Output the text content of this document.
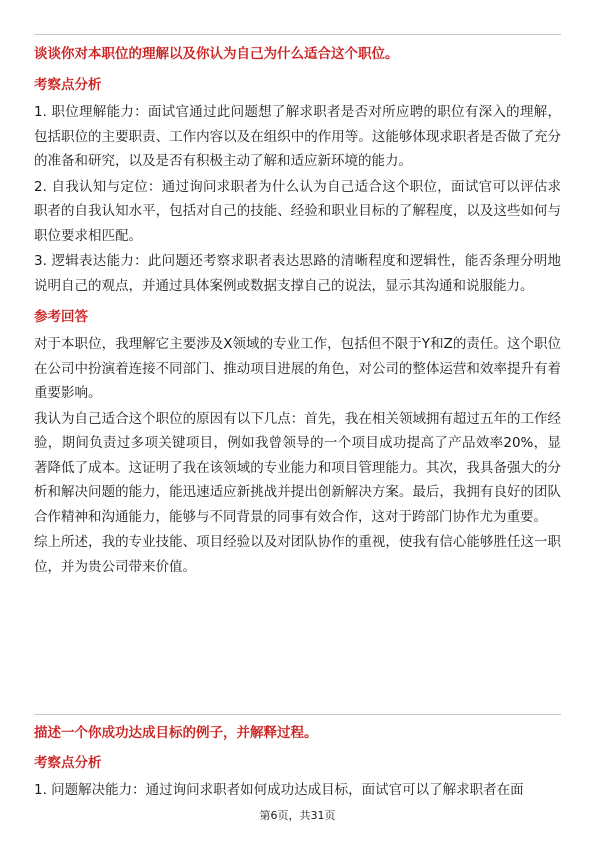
谈谈你对本职位的理解以及你认为自己为什么适合这个职位。
考察点分析

1. 职位理解能力：面试官通过此问题想了解求职者是否对所应聘的职位有深入的理解，包括职位的主要职责、工作内容以及在组织中的作用等。这能够体现求职者是否做了充分的准备和研究，以及是否有积极主动了解和适应新环境的能力。

2. 自我认知与定位：通过询问求职者为什么认为自己适合这个职位，面试官可以评估求职者的自我认知水平，包括对自己的技能、经验和职业目标的了解程度，以及这些如何与职位要求相匹配。

3. 逻辑表达能力：此问题还考察求职者表达思路的清晰程度和逻辑性，能否条理分明地说明自己的观点，并通过具体案例或数据支撑自己的说法，显示其沟通和说服能力。

参考回答

对于本职位，我理解它主要涉及X领域的专业工作，包括但不限于Y和Z的责任。这个职位在公司中扮演着连接不同部门、推动项目进展的角色，对公司的整体运营和效率提升有着重要影响。

我认为自己适合这个职位的原因有以下几点：首先，我在相关领域拥有超过五年的工作经验，期间负责过多项关键项目，例如我曾领导的一个项目成功提高了产品效率20%，显著降低了成本。这证明了我在该领域的专业能力和项目管理能力。其次，我具备强大的分析和解决问题的能力，能迅速适应新挑战并提出创新解决方案。最后，我拥有良好的团队合作精神和沟通能力，能够与不同背景的同事有效合作，这对于跨部门协作尤为重要。

综上所述，我的专业技能、项目经验以及对团队协作的重视，使我有信心能够胜任这一职位，并为贵公司带来价值。

描述一个你成功达成目标的例子，并解释过程。
考察点分析

1. 问题解决能力：通过询问求职者如何成功达成目标，面试官可以了解求职者在面

第6页，共31页
